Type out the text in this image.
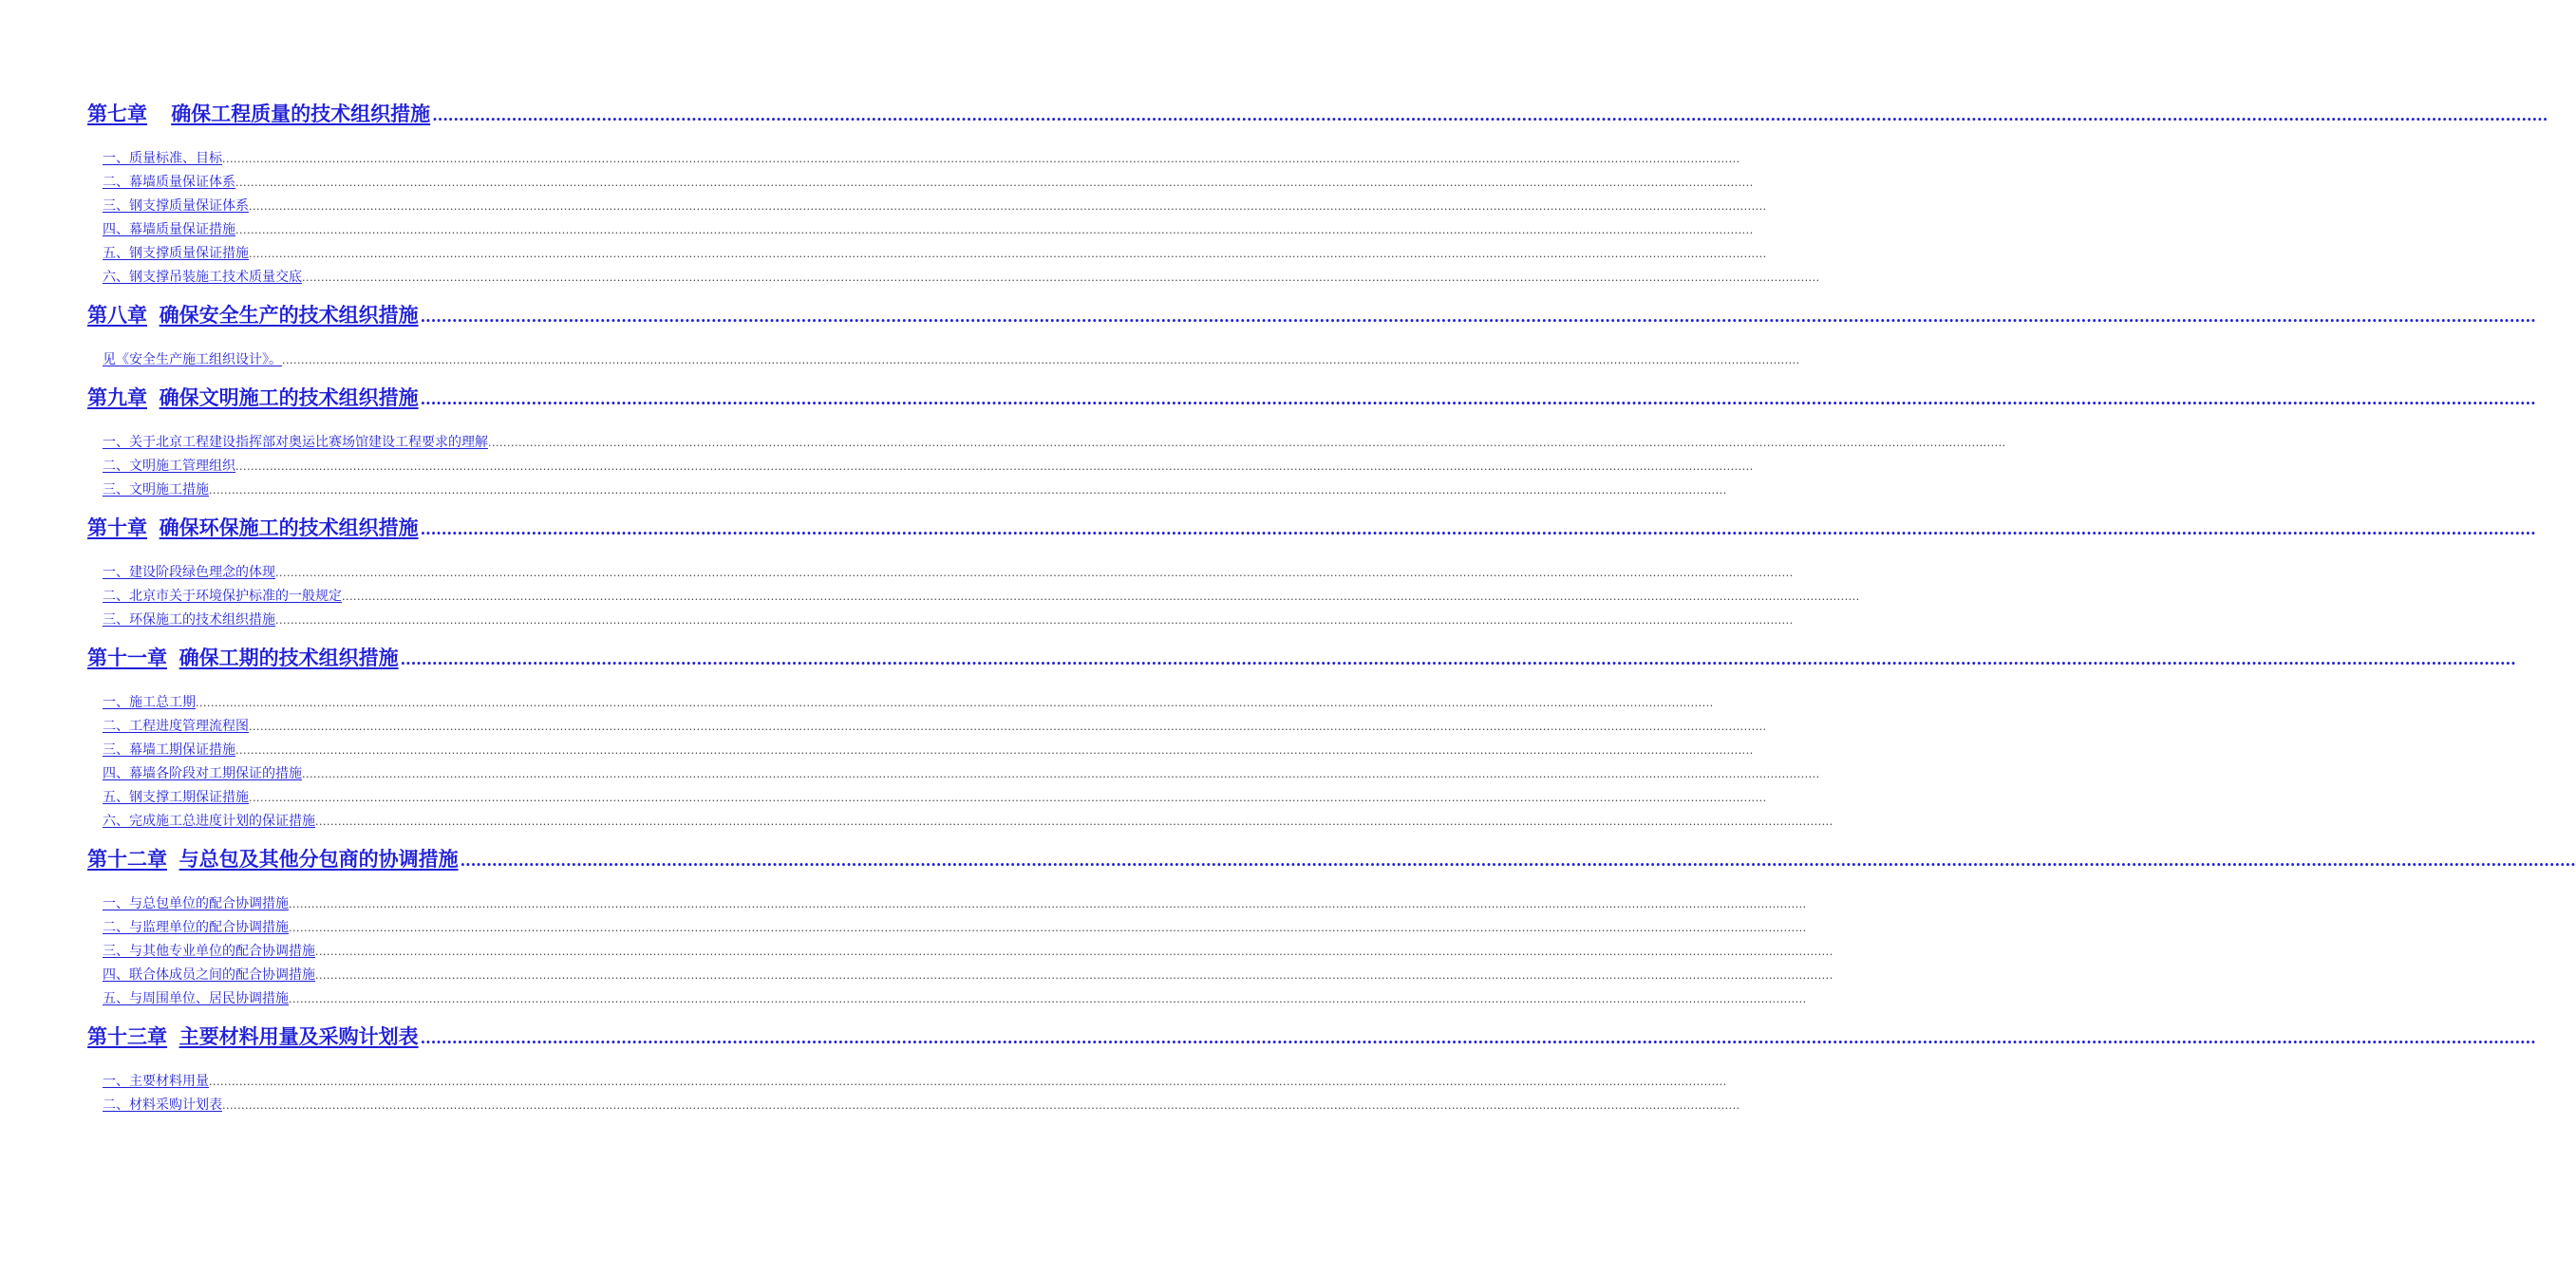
第七章 确保工程质量的技术组织措施 ................................................................................................................................................................................................................................................................................................................................................................................................................
一、质量标准、目标 ................................................................................................................................................................................................................................................................................................................................................................................................................
二、幕墙质量保证体系 ................................................................................................................................................................................................................................................................................................................................................................................................................
三、钢支撑质量保证体系 ................................................................................................................................................................................................................................................................................................................................................................................................................
四、幕墙质量保证措施 ................................................................................................................................................................................................................................................................................................................................................................................................................
五、钢支撑质量保证措施 ................................................................................................................................................................................................................................................................................................................................................................................................................
六、钢支撑吊装施工技术质量交底 ................................................................................................................................................................................................................................................................................................................................................................................................................
第八章 确保安全生产的技术组织措施 ................................................................................................................................................................................................................................................................................................................................................................................................................
见《安全生产施工组织设计》。 ................................................................................................................................................................................................................................................................................................................................................................................................................
第九章 确保文明施工的技术组织措施 ................................................................................................................................................................................................................................................................................................................................................................................................................
一、关于北京工程建设指挥部对奥运比赛场馆建设工程要求的理解 ................................................................................................................................................................................................................................................................................................................................................................................................................
二、文明施工管理组织 ................................................................................................................................................................................................................................................................................................................................................................................................................
三、文明施工措施 ................................................................................................................................................................................................................................................................................................................................................................................................................
第十章 确保环保施工的技术组织措施 ................................................................................................................................................................................................................................................................................................................................................................................................................
一、建设阶段绿色理念的体现 ................................................................................................................................................................................................................................................................................................................................................................................................................
二、北京市关于环境保护标准的一般规定 ................................................................................................................................................................................................................................................................................................................................................................................................................
三、环保施工的技术组织措施 ................................................................................................................................................................................................................................................................................................................................................................................................................
第十一章 确保工期的技术组织措施 ................................................................................................................................................................................................................................................................................................................................................................................................................
一、施工总工期 ................................................................................................................................................................................................................................................................................................................................................................................................................
二、工程进度管理流程图 ................................................................................................................................................................................................................................................................................................................................................................................................................
三、幕墙工期保证措施 ................................................................................................................................................................................................................................................................................................................................................................................................................
四、幕墙各阶段对工期保证的措施 ................................................................................................................................................................................................................................................................................................................................................................................................................
五、钢支撑工期保证措施 ................................................................................................................................................................................................................................................................................................................................................................................................................
六、完成施工总进度计划的保证措施 ................................................................................................................................................................................................................................................................................................................................................................................................................
第十二章 与总包及其他分包商的协调措施 ................................................................................................................................................................................................................................................................................................................................................................................................................
一、与总包单位的配合协调措施 ................................................................................................................................................................................................................................................................................................................................................................................................................
二、与监理单位的配合协调措施 ................................................................................................................................................................................................................................................................................................................................................................................................................
三、与其他专业单位的配合协调措施 ................................................................................................................................................................................................................................................................................................................................................................................................................
四、联合体成员之间的配合协调措施 ................................................................................................................................................................................................................................................................................................................................................................................................................
五、与周围单位、居民协调措施 ................................................................................................................................................................................................................................................................................................................................................................................................................
第十三章 主要材料用量及采购计划表 ................................................................................................................................................................................................................................................................................................................................................................................................................
一、主要材料用量 ................................................................................................................................................................................................................................................................................................................................................................................................................
二、材料采购计划表 ................................................................................................................................................................................................................................................................................................................................................................................................................
